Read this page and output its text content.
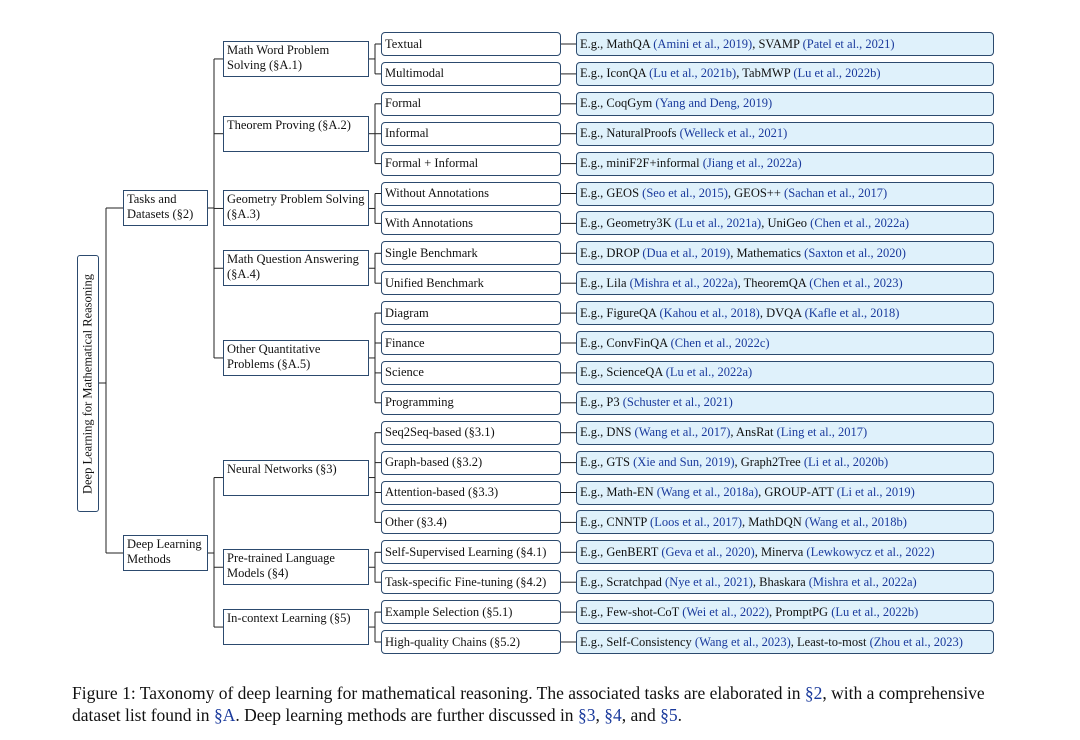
Deep Learning for Mathematical Reasoning
Tasks and Datasets (§2)
Deep Learning Methods
Math Word Problem Solving (§A.1)
Theorem Proving (§A.2)
Geometry Problem Solving (§A.3)
Math Question Answering (§A.4)
Other Quantitative Problems (§A.5)
Neural Networks (§3)
Pre-trained Language Models (§4)
In-context Learning (§5)
Textual	E.g., MathQA (Amini et al., 2019), SVAMP (Patel et al., 2021)
Multimodal	E.g., IconQA (Lu et al., 2021b), TabMWP (Lu et al., 2022b)
Formal	E.g., CoqGym (Yang and Deng, 2019)
Informal	E.g., NaturalProofs (Welleck et al., 2021)
Formal + Informal	E.g., miniF2F+informal (Jiang et al., 2022a)
Without Annotations	E.g., GEOS (Seo et al., 2015), GEOS++ (Sachan et al., 2017)
With Annotations	E.g., Geometry3K (Lu et al., 2021a), UniGeo (Chen et al., 2022a)
Single Benchmark	E.g., DROP (Dua et al., 2019), Mathematics (Saxton et al., 2020)
Unified Benchmark	E.g., Lila (Mishra et al., 2022a), TheoremQA (Chen et al., 2023)
Diagram	E.g., FigureQA (Kahou et al., 2018), DVQA (Kafle et al., 2018)
Finance	E.g., ConvFinQA (Chen et al., 2022c)
Science	E.g., ScienceQA (Lu et al., 2022a)
Programming	E.g., P3 (Schuster et al., 2021)
Seq2Seq-based (§3.1)	E.g., DNS (Wang et al., 2017), AnsRat (Ling et al., 2017)
Graph-based (§3.2)	E.g., GTS (Xie and Sun, 2019), Graph2Tree (Li et al., 2020b)
Attention-based (§3.3)	E.g., Math-EN (Wang et al., 2018a), GROUP-ATT (Li et al., 2019)
Other (§3.4)	E.g., CNNTP (Loos et al., 2017), MathDQN (Wang et al., 2018b)
Self-Supervised Learning (§4.1)	E.g., GenBERT (Geva et al., 2020), Minerva (Lewkowycz et al., 2022)
Task-specific Fine-tuning (§4.2)	E.g., Scratchpad (Nye et al., 2021), Bhaskara (Mishra et al., 2022a)
Example Selection (§5.1)	E.g., Few-shot-CoT (Wei et al., 2022), PromptPG (Lu et al., 2022b)
High-quality Chains (§5.2)	E.g., Self-Consistency (Wang et al., 2023), Least-to-most (Zhou et al., 2023)
Figure 1: Taxonomy of deep learning for mathematical reasoning. The associated tasks are elaborated in §2, with a comprehensive dataset list found in §A. Deep learning methods are further discussed in §3, §4, and §5.
